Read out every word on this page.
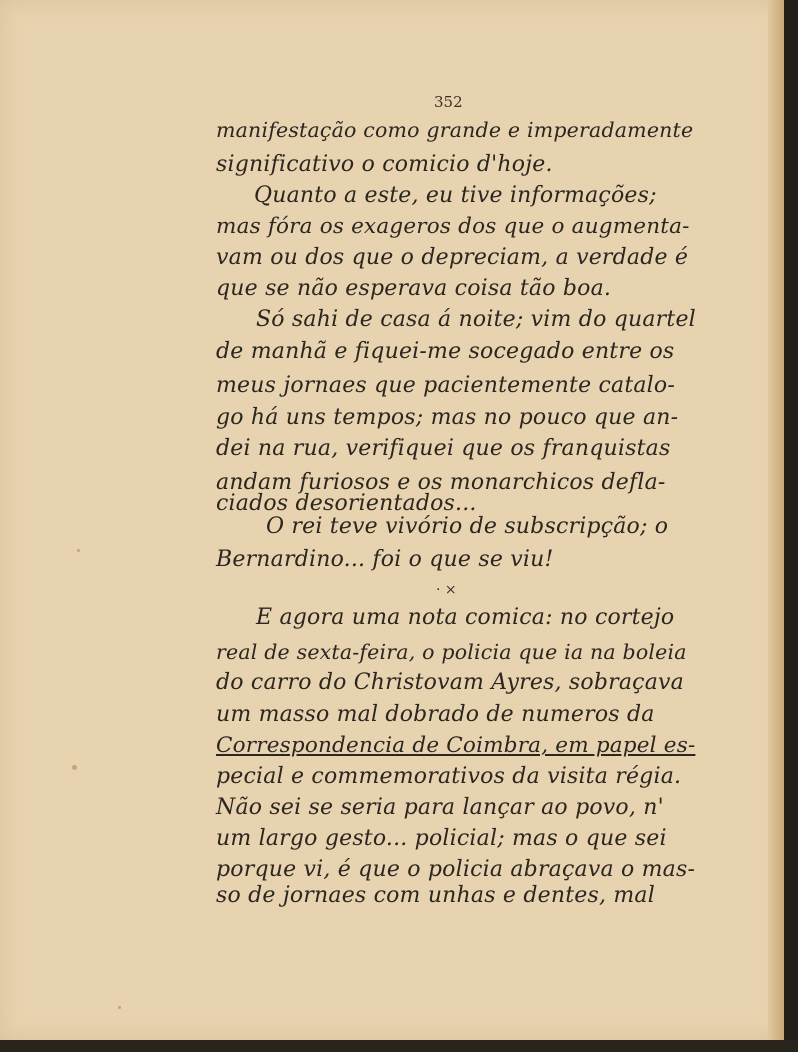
352
manifestação como grande e imperadamente
significativo o comicio d'hoje.
Quanto a este, eu tive informações;
mas fóra os exageros dos que o augmenta-
vam ou dos que o depreciam, a verdade é
que se não esperava coisa tão boa.
Só sahi de casa á noite; vim do quartel
de manhã e fiquei-me socegado entre os
meus jornaes que pacientemente catalo-
go há uns tempos; mas no pouco que an-
dei na rua, verifiquei que os franquistas
andam furiosos e os monarchicos defla-
ciados desorientados...
O rei teve vivório de subscripção; o
Bernardino... foi o que se viu!
· ×
E agora uma nota comica: no cortejo
real de sexta-feira, o policia que ia na boleia
do carro do Christovam Ayres, sobraçava
um masso mal dobrado de numeros da
Correspondencia de Coimbra, em papel es-
pecial e commemorativos da visita régia.
Não sei se seria para lançar ao povo, n'
um largo gesto... policial; mas o que sei
porque vi, é que o policia abraçava o mas-
so de jornaes com unhas e dentes, mal
